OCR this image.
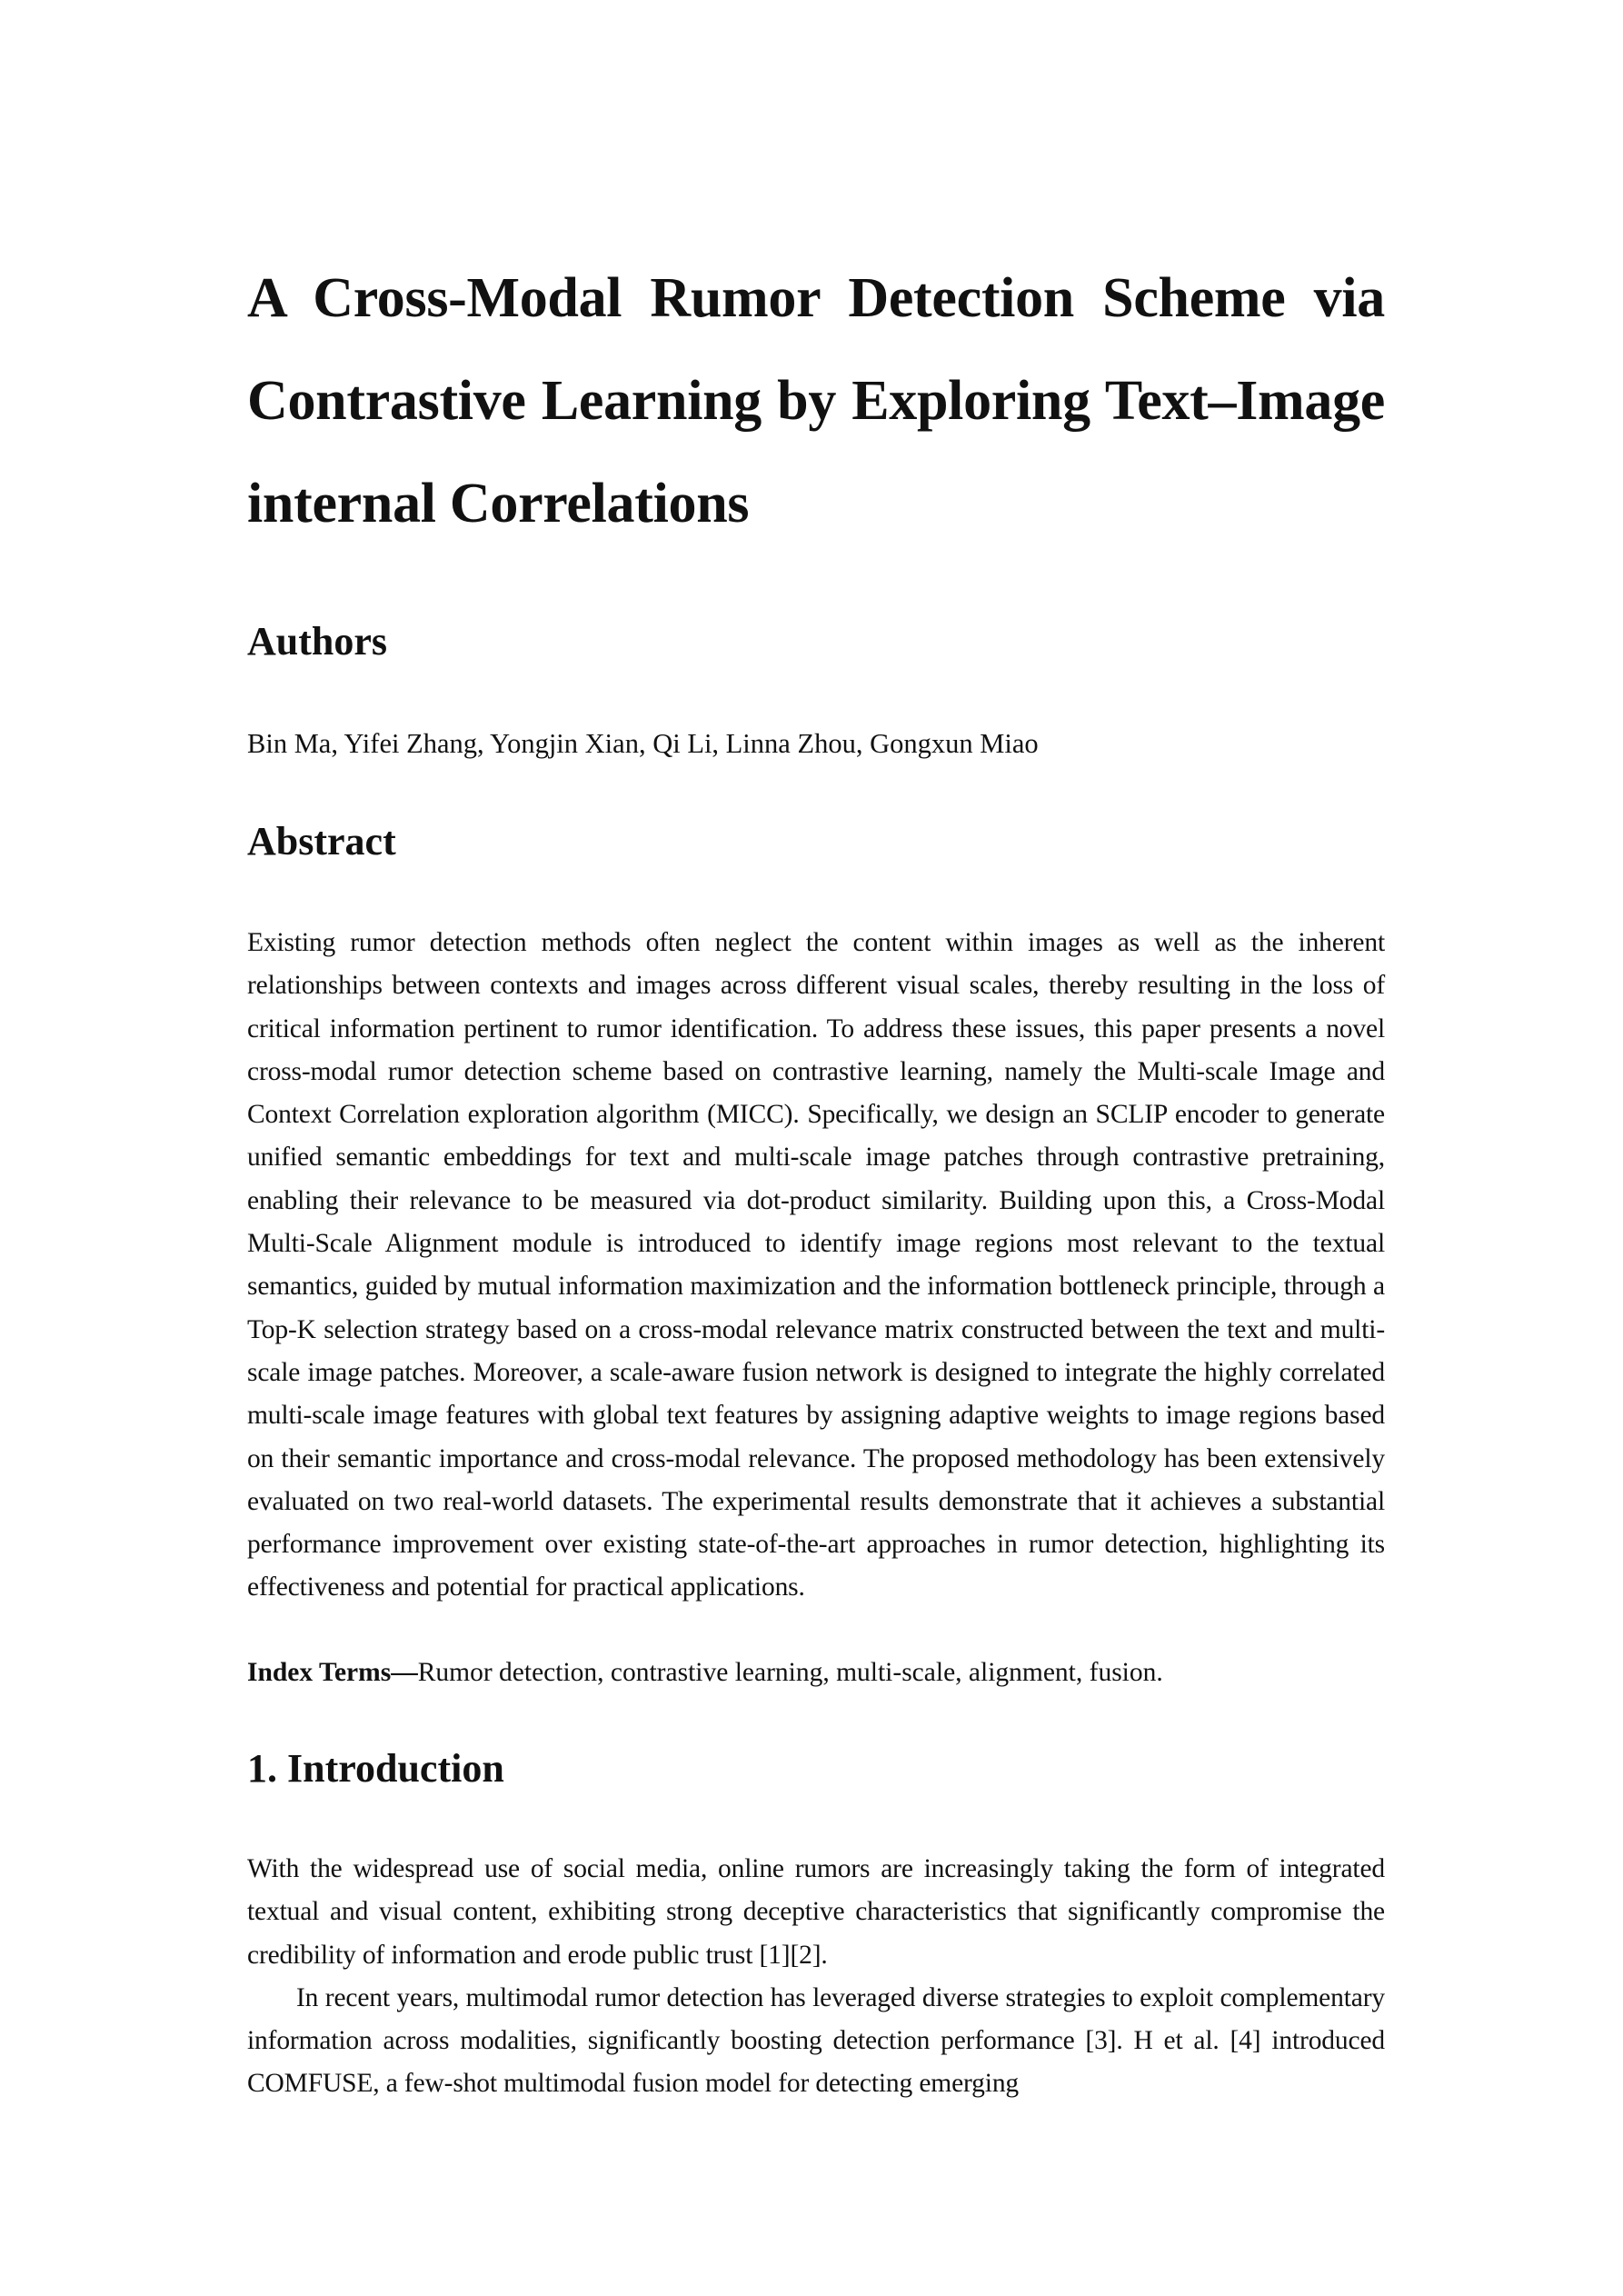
A Cross-Modal Rumor Detection Scheme via Contrastive Learning by Exploring Text–Image internal Correlations
Authors

Bin Ma, Yifei Zhang, Yongjin Xian, Qi Li, Linna Zhou, Gongxun Miao

Abstract

Existing rumor detection methods often neglect the content within images as well as the inherent relationships between contexts and images across different visual scales, thereby resulting in the loss of critical information pertinent to rumor identification. To address these issues, this paper presents a novel cross-modal rumor detection scheme based on contrastive learning, namely the Multi-scale Image and Context Correlation exploration algorithm (MICC). Specifically, we design an SCLIP encoder to generate unified semantic embeddings for text and multi-scale image patches through contrastive pretraining, enabling their relevance to be measured via dot-product similarity. Building upon this, a Cross-Modal Multi-Scale Alignment module is introduced to identify image regions most relevant to the textual semantics, guided by mutual information maximization and the information bottleneck principle, through a Top-K selection strategy based on a cross-modal relevance matrix constructed between the text and multi-scale image patches. Moreover, a scale-aware fusion network is designed to integrate the highly correlated multi-scale image features with global text features by assigning adaptive weights to image regions based on their semantic importance and cross-modal relevance. The proposed methodology has been extensively evaluated on two real-world datasets. The experimental results demonstrate that it achieves a substantial performance improvement over existing state-of-the-art approaches in rumor detection, highlighting its effectiveness and potential for practical applications.

Index Terms—Rumor detection, contrastive learning, multi-scale, alignment, fusion.

1. Introduction

With the widespread use of social media, online rumors are increasingly taking the form of integrated textual and visual content, exhibiting strong deceptive characteristics that significantly compromise the credibility of information and erode public trust [1][2].

In recent years, multimodal rumor detection has leveraged diverse strategies to exploit complementary information across modalities, significantly boosting detection performance [3]. H et al. [4] introduced COMFUSE, a few-shot multimodal fusion model for detecting emerging
